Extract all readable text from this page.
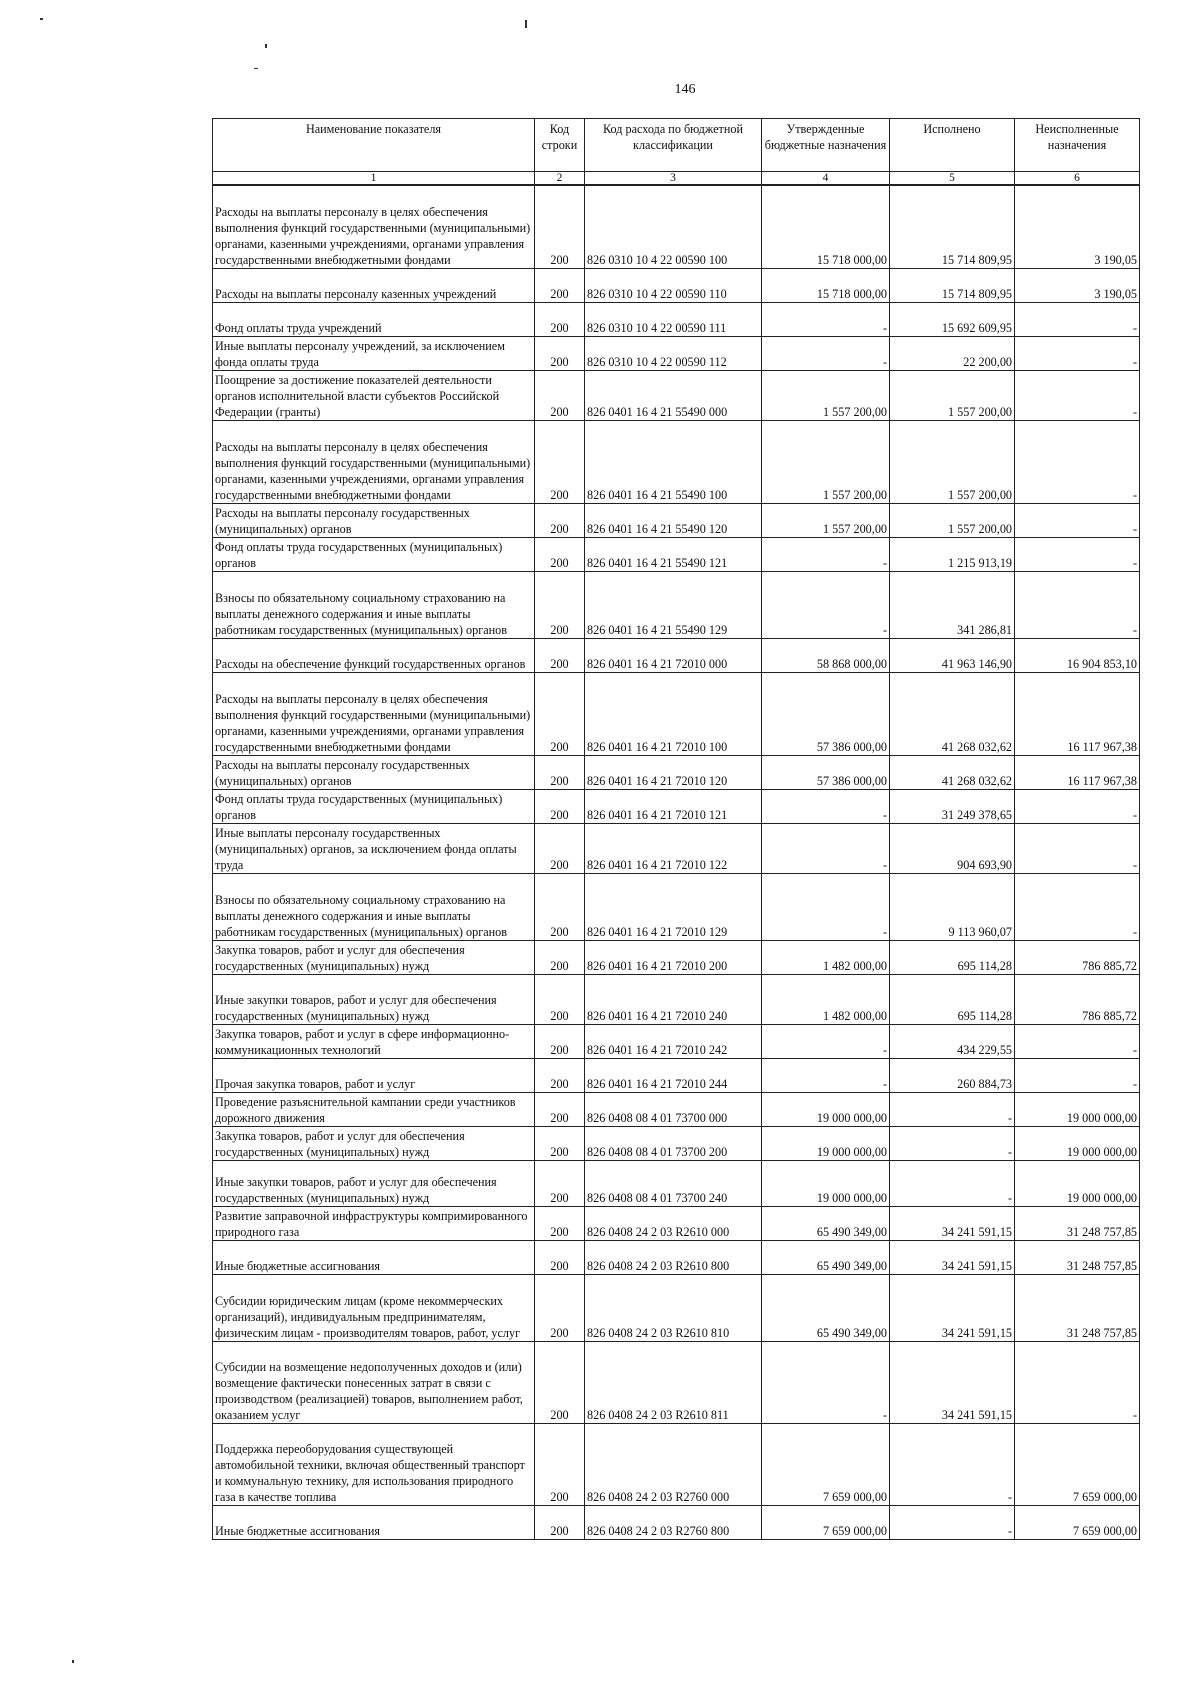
146
Наименование показателя	Код строки	Код расхода по бюджетной классификации	Утвержденные бюджетные назначения	Исполнено	Неисполненные назначения
1	2	3	4	5	6
Расходы на выплаты персоналу в целях обеспечения выполнения функций государственными (муниципальными) органами, казенными учреждениями, органами управления государственными внебюджетными фондами	200	826 0310 10 4 22 00590 100	15 718 000,00	15 714 809,95	3 190,05
Расходы на выплаты персоналу казенных учреждений	200	826 0310 10 4 22 00590 110	15 718 000,00	15 714 809,95	3 190,05
Фонд оплаты труда учреждений	200	826 0310 10 4 22 00590 111	-	15 692 609,95	-
Иные выплаты персоналу учреждений, за исключением фонда оплаты труда	200	826 0310 10 4 22 00590 112	-	22 200,00	-
Поощрение за достижение показателей деятельности органов исполнительной власти субъектов Российской Федерации (гранты)	200	826 0401 16 4 21 55490 000	1 557 200,00	1 557 200,00	-
Расходы на выплаты персоналу в целях обеспечения выполнения функций государственными (муниципальными) органами, казенными учреждениями, органами управления государственными внебюджетными фондами	200	826 0401 16 4 21 55490 100	1 557 200,00	1 557 200,00	-
Расходы на выплаты персоналу государственных (муниципальных) органов	200	826 0401 16 4 21 55490 120	1 557 200,00	1 557 200,00	-
Фонд оплаты труда государственных (муниципальных) органов	200	826 0401 16 4 21 55490 121	-	1 215 913,19	-
Взносы по обязательному социальному страхованию на выплаты денежного содержания и иные выплаты работникам государственных (муниципальных) органов	200	826 0401 16 4 21 55490 129	-	341 286,81	-
Расходы на обеспечение функций государственных органов	200	826 0401 16 4 21 72010 000	58 868 000,00	41 963 146,90	16 904 853,10
Расходы на выплаты персоналу в целях обеспечения выполнения функций государственными (муниципальными) органами, казенными учреждениями, органами управления государственными внебюджетными фондами	200	826 0401 16 4 21 72010 100	57 386 000,00	41 268 032,62	16 117 967,38
Расходы на выплаты персоналу государственных (муниципальных) органов	200	826 0401 16 4 21 72010 120	57 386 000,00	41 268 032,62	16 117 967,38
Фонд оплаты труда государственных (муниципальных) органов	200	826 0401 16 4 21 72010 121	-	31 249 378,65	-
Иные выплаты персоналу государственных (муниципальных) органов, за исключением фонда оплаты труда	200	826 0401 16 4 21 72010 122	-	904 693,90	-
Взносы по обязательному социальному страхованию на выплаты денежного содержания и иные выплаты работникам государственных (муниципальных) органов	200	826 0401 16 4 21 72010 129	-	9 113 960,07	-
Закупка товаров, работ и услуг для обеспечения государственных (муниципальных) нужд	200	826 0401 16 4 21 72010 200	1 482 000,00	695 114,28	786 885,72
Иные закупки товаров, работ и услуг для обеспечения государственных (муниципальных) нужд	200	826 0401 16 4 21 72010 240	1 482 000,00	695 114,28	786 885,72
Закупка товаров, работ и услуг в сфере информационно-коммуникационных технологий	200	826 0401 16 4 21 72010 242	-	434 229,55	-
Прочая закупка товаров, работ и услуг	200	826 0401 16 4 21 72010 244	-	260 884,73	-
Проведение разъяснительной кампании среди участников дорожного движения	200	826 0408 08 4 01 73700 000	19 000 000,00	-	19 000 000,00
Закупка товаров, работ и услуг для обеспечения государственных (муниципальных) нужд	200	826 0408 08 4 01 73700 200	19 000 000,00	-	19 000 000,00
Иные закупки товаров, работ и услуг для обеспечения государственных (муниципальных) нужд	200	826 0408 08 4 01 73700 240	19 000 000,00	-	19 000 000,00
Развитие заправочной инфраструктуры компримированного природного газа	200	826 0408 24 2 03 R2610 000	65 490 349,00	34 241 591,15	31 248 757,85
Иные бюджетные ассигнования	200	826 0408 24 2 03 R2610 800	65 490 349,00	34 241 591,15	31 248 757,85
Субсидии юридическим лицам (кроме некоммерческих организаций), индивидуальным предпринимателям, физическим лицам - производителям товаров, работ, услуг	200	826 0408 24 2 03 R2610 810	65 490 349,00	34 241 591,15	31 248 757,85
Субсидии на возмещение недополученных доходов и (или) возмещение фактически понесенных затрат в связи с производством (реализацией) товаров, выполнением работ, оказанием услуг	200	826 0408 24 2 03 R2610 811	-	34 241 591,15	-
Поддержка переоборудования существующей автомобильной техники, включая общественный транспорт и коммунальную технику, для использования природного газа в качестве топлива	200	826 0408 24 2 03 R2760 000	7 659 000,00	-	7 659 000,00
Иные бюджетные ассигнования	200	826 0408 24 2 03 R2760 800	7 659 000,00	-	7 659 000,00
